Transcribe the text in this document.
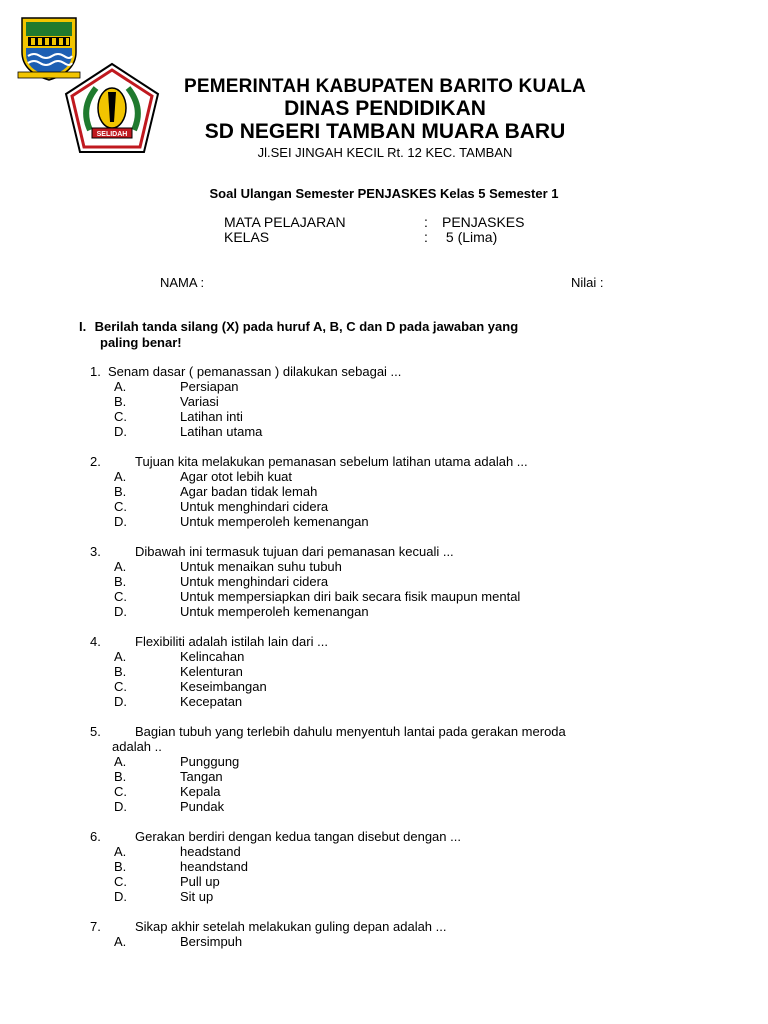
SELIDAH
PEMERINTAH KABUPATEN BARITO KUALA
DINAS PENDIDIKAN
SD NEGERI TAMBAN MUARA BARU
Jl.SEI JINGAH KECIL Rt. 12 KEC. TAMBAN
Soal Ulangan Semester PENJASKES Kelas 5 Semester 1
MATA PELAJARAN	:	PENJASKES
KELAS	:	5 (Lima)
NAMA :	Nilai :
I. Berilah tanda silang (X) pada huruf A, B, C dan D pada jawaban yang
paling benar!
1. Senam dasar ( pemanassan ) dilakukan sebagai ...
A.	Persiapan
B.	Variasi
C.	Latihan inti
D.	Latihan utama
2.	Tujuan kita melakukan pemanasan sebelum latihan utama adalah ...
A.	Agar otot lebih kuat
B.	Agar badan tidak lemah
C.	Untuk menghindari cidera
D.	Untuk memperoleh kemenangan
3.	Dibawah ini termasuk tujuan dari pemanasan kecuali ...
A.	Untuk menaikan suhu tubuh
B.	Untuk menghindari cidera
C.	Untuk mempersiapkan diri baik secara fisik maupun mental
D.	Untuk memperoleh kemenangan
4.	Flexibiliti adalah istilah lain dari ...
A.	Kelincahan
B.	Kelenturan
C.	Keseimbangan
D.	Kecepatan
5.	Bagian tubuh yang terlebih dahulu menyentuh lantai pada gerakan meroda
adalah ..
A.	Punggung
B.	Tangan
C.	Kepala
D.	Pundak
6.	Gerakan berdiri dengan kedua tangan disebut dengan ...
A.	headstand
B.	heandstand
C.	Pull up
D.	Sit up
7.	Sikap akhir setelah melakukan guling depan adalah ...
A.	Bersimpuh
